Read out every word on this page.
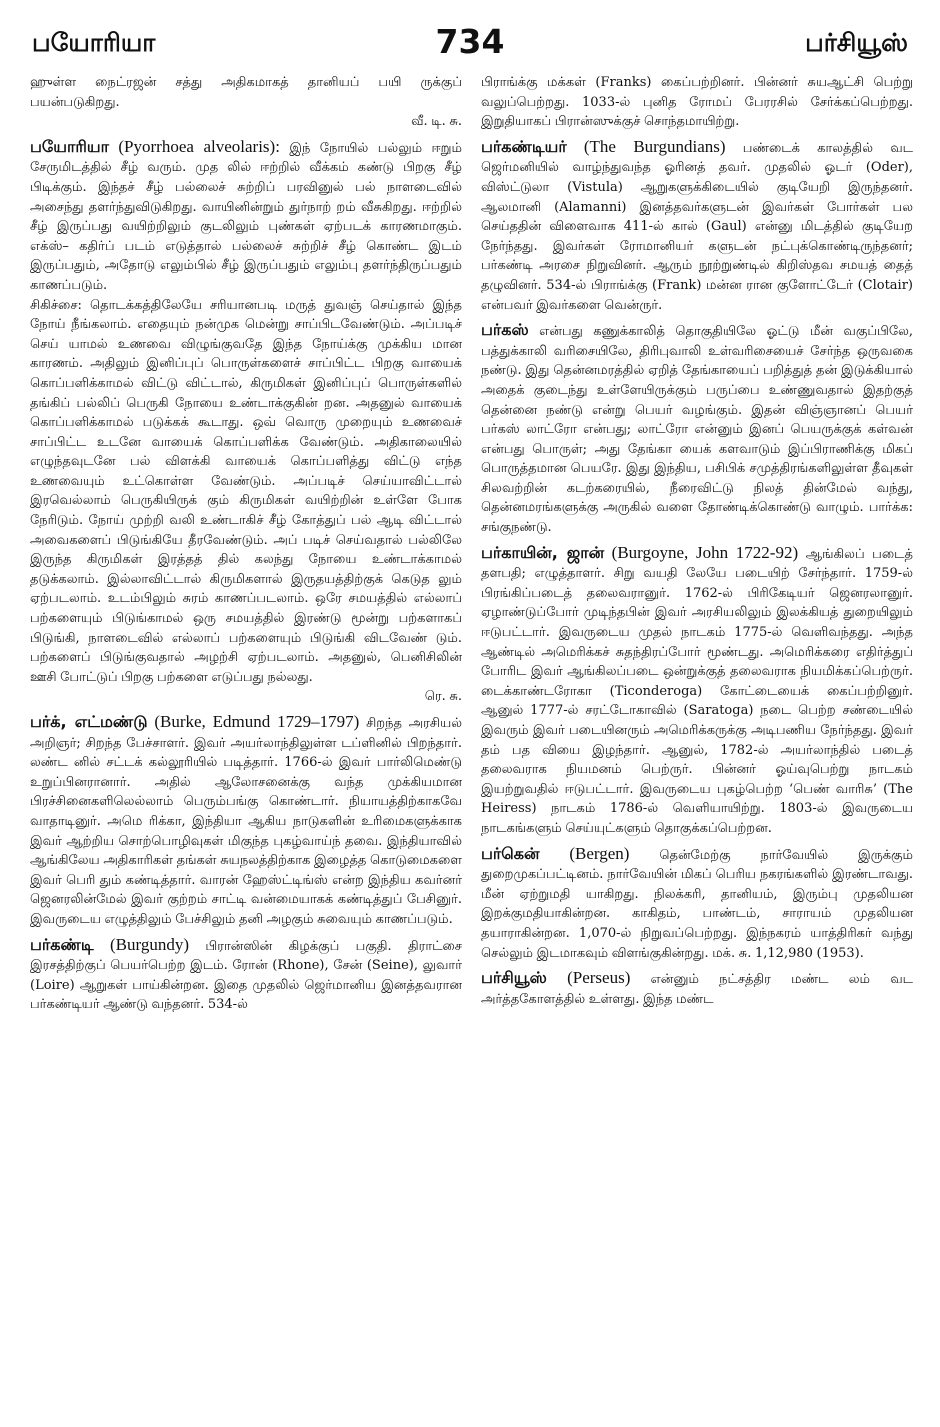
பயோரியா	734	பர்சியூஸ்

ஹுள்ள நைட்ரஜன் சத்து அதிகமாகத் தானியப் பயி ருக்குப் பயன்படுகிறது.
வீ. டி. சு.

பயோரியா (Pyorrhoea alveolaris): இந் நோயில் பல்லும் ஈறும் சேருமிடத்தில் சீழ் வரும். முத லில் ஈற்றில் வீக்கம் கண்டு பிறகு சீழ் பிடிக்கும். இந்தச் சீழ் பல்லைச் சுற்றிப் பரவினுல் பல் நாளடைவில் அசைந்து தளர்ந்துவிடுகிறது. வாயினின்றும் துர்நாற் றம் வீசுகிறது. ஈற்றில் சீழ் இருப்பது வயிற்றிலும் குடலிலும் புண்கள் ஏற்படக் காரணமாகும். எக்ஸ்– கதிர்ப் படம் எடுத்தால் பல்லைச் சுற்றிச் சீழ் கொண்ட இடம் இருப்பதும், அதோடு எலும்பில் சீழ் இருப்பதும் எலும்பு தளர்ந்திருப்பதும் காணப்படும்.

சிகிச்சை: தொடக்கத்திலேயே சரியானபடி மருத் துவஞ் செய்தால் இந்த நோய் நீங்கலாம். எதையும் நன்முக மென்று சாப்பிடவேண்டும். அப்படிச் செய் யாமல் உணவை விழுங்குவதே இந்த நோய்க்கு முக்கிய மான காரணம். அதிலும் இனிப்புப் பொருள்களைச் சாப்பிட்ட பிறகு வாயைக் கொப்பளிக்காமல் விட்டு விட்டால், கிருமிகள் இனிப்புப் பொருள்களில் தங்கிப் பல்லிப் பெருகி நோயை உண்டாக்குகின் றன. அதனுல் வாயைக் கொப்பளிக்காமல் படுக்கக் கூடாது. ஒவ் வொரு முறையும் உணவைச் சாப்பிட்ட உடனே வாயைக் கொப்பளிக்க வேண்டும். அதிகாலையில் எழுந்தவுடனே பல் விளக்கி வாயைக் கொப்பளித்து விட்டு எந்த உணவையும் உட்கொள்ள வேண்டும். அப்படிச் செய்யாவிட்டால் இரவெல்லாம் பெருகியிருக் கும் கிருமிகள் வயிற்றின் உள்ளே போக நேரிடும். நோய் முற்றி வலி உண்டாகிச் சீழ் கோத்துப் பல் ஆடி விட்டால் அவைகளைப் பிடுங்கியே தீரவேண்டும். அப் படிச் செய்வதால் பல்லிலே இருந்த கிருமிகள் இரத்தத் தில் கலந்து நோயை உண்டாக்காமல் தடுக்கலாம். இல்லாவிட்டால் கிருமிகளால் இருதயத்திற்குக் கெடுத லும் ஏற்படலாம். உடம்பிலும் சுரம் காணப்படலாம். ஒரே சமயத்தில் எல்லாப் பற்களையும் பிடுங்காமல் ஒரு சமயத்தில் இரண்டு மூன்று பற்களாகப் பிடுங்கி, நாளடைவில் எல்லாப் பற்களையும் பிடுங்கி விடவேண் டும். பற்களைப் பிடுங்குவதால் அழற்சி ஏற்படலாம். அதனுல், பெனிசிலின் ஊசி போட்டுப் பிறகு பற்களை எடுப்பது நல்லது.
ரெ. சு.

பர்க், எட்மண்டு (Burke, Edmund 1729–1797) சிறந்த அரசியல் அறிஞர்; சிறந்த பேச்சாளர். இவர் அயர்லாந்திலுள்ள டப்ளினில் பிறந்தார். லண்ட னில் சட்டக் கல்லூரியில் படித்தார். 1766-ல் இவர் பார்லிமெண்டு உறுப்பினரானார். அதில் ஆலோசனைக்கு வந்த முக்கியமான பிரச்சினைகளிலெல்லாம் பெரும்பங்கு கொண்டார். நியாயத்திற்காகவே வாதாடினுர். அமெ ரிக்கா, இந்தியா ஆகிய நாடுகளின் உரிமைகளுக்காக இவர் ஆற்றிய சொற்பொழிவுகள் மிகுந்த புகழ்வாய்ந் தவை. இந்தியாவில் ஆங்கிலேய அதிகாரிகள் தங்கள் சுயநலத்திற்காக இழைத்த கொடுமைகளை இவர் பெரி தும் கண்டித்தார். வாரன் ஹேஸ்ட்டிங்ஸ் என்ற இந்திய கவர்னர் ஜெனரலின்மேல் இவர் குற்றம் சாட்டி வன்மையாகக் கண்டித்துப் பேசினுர். இவருடைய எழுத்திலும் பேச்சிலும் தனி அழகும் சுவையும் காணப்படும்.

பர்கண்டி (Burgundy) பிரான்ஸின் கிழக்குப் பகுதி. திராட்சை இரசத்திற்குப் பெயர்பெற்ற இடம். ரோன் (Rhone), சேன் (Seine), லுவார் (Loire) ஆறுகள் பாய்கின்றன. இதை முதலில் ஜெர்மானிய இனத்தவரான பர்கண்டியர் ஆண்டு வந்தனர். 534-ல்

பிராங்க்கு மக்கள் (Franks) கைப்பற்றினர். பின்னர் சுயஆட்சி பெற்று வலுப்பெற்றது. 1033-ல் புனித ரோமப் பேரரசில் சேர்க்கப்பெற்றது. இறுதியாகப் பிரான்ஸுக்குச் சொந்தமாயிற்று.

பர்கண்டியர் (The Burgundians) பண்டைக் காலத்தில் வட ஜெர்மனியில் வாழ்ந்துவந்த ஓரினத் தவர். முதலில் ஓடர் (Oder), விஸ்ட்டுலா (Vistula) ஆறுகளுக்கிடையில் குடியேறி இருந்தனர். ஆலமானி (Alamanni) இனத்தவர்களுடன் இவர்கள் போர்கள் பல செய்ததின் விளைவாக 411-ல் கால் (Gaul) என்னு மிடத்தில் குடியேற நேர்ந்தது. இவர்கள் ரோமானியர் களுடன் நட்புக்கொண்டிருந்தனர்; பர்கண்டி அரசை நிறுவினர். ஆரும் நூற்றுண்டில் கிறிஸ்தவ சமயத் தைத் தழுவினர். 534-ல் பிராங்க்கு (Frank) மன்ன ரான குளோட்டேர் (Clotair) என்பவர் இவர்களை வென்ருர்.

பர்கஸ் என்பது கணுக்காலித் தொகுதியிலே ஓட்டு மீன் வகுப்பிலே, பத்துக்காலி வரிசையிலே, திரிபுவாலி உள்வரிசையைச் சேர்ந்த ஒருவகை நண்டு. இது தென்னமரத்தில் ஏறித் தேங்காயைப் பறித்துத் தன் இடுக்கியால் அதைக் குடைந்து உள்ளேயிருக்கும் பருப்பை உண்ணுவதால் இதற்குத் தென்னை நண்டு என்று பெயர் வழங்கும். இதன் விஞ்ஞானப் பெயர் பர்கஸ் லாட்ரோ என்பது; லாட்ரோ என்னும் இனப் பெயருக்குக் கள்வன் என்பது பொருள்; அது தேங்கா யைக் களவாடும் இப்பிராணிக்கு மிகப் பொருத்தமான பெயரே. இது இந்திய, பசிபிக் சமுத்திரங்களிலுள்ள தீவுகள் சிலவற்றின் கடற்கரையில், நீரைவிட்டு நிலத் தின்மேல் வந்து, தென்னமரங்களுக்கு அருகில் வளை தோண்டிக்கொண்டு வாழும். பார்க்க: சங்குநண்டு.

பர்காயின், ஜான் (Burgoyne, John 1722-92) ஆங்கிலப் படைத் தளபதி; எழுத்தாளர். சிறு வயதி லேயே படையிற் சேர்ந்தார். 1759-ல் பிரங்கிப்படைத் தலைவரானுர். 1762-ல் பிரிகேடியர் ஜெனரலானுர். ஏழாண்டுப்போர் முடிந்தபின் இவர் அரசியலிலும் இலக்கியத் துறையிலும் ஈடுபட்டார். இவருடைய முதல் நாடகம் 1775-ல் வெளிவந்தது. அந்த ஆண்டில் அமெரிக்கச் சுதந்திரப்போர் மூண்டது. அமெரிக்கரை எதிர்த்துப் போரிட இவர் ஆங்கிலப்படை ஒன்றுக்குத் தலைவராக நியமிக்கப்பெற்ருர். டைக்காண்டரோகா (Ticonderoga) கோட்டையைக் கைப்பற்றினுர். ஆனுல் 1777-ல் சரட்டோகாவில் (Saratoga) நடை பெற்ற சண்டையில் இவரும் இவர் படையினரும் அமெரிக்கருக்கு அடிபணிய நேர்ந்தது. இவர் தம் பத வியை இழந்தார். ஆனுல், 1782-ல் அயர்லாந்தில் படைத் தலைவராக நியமனம் பெற்ருர். பின்னர் ஓய்வுபெற்று நாடகம் இயற்றுவதில் ஈடுபட்டார். இவருடைய புகழ்பெற்ற ‘பெண் வாரிசு’ (The Heiress) நாடகம் 1786-ல் வெளியாயிற்று. 1803-ல் இவருடைய நாடகங்களும் செய்யுட்களும் தொகுக்கப்பெற்றன.

பர்கென் (Bergen) தென்மேற்கு நார்வேயில் இருக்கும் துறைமுகப்பட்டினம். நார்வேயின் மிகப் பெரிய நகரங்களில் இரண்டாவது. மீன் ஏற்றுமதி யாகிறது. நிலக்கரி, தானியம், இரும்பு முதலியன இறக்குமதியாகின்றன. காகிதம், பாண்டம், சாராயம் முதலியன தயாராகின்றன. 1,070-ல் நிறுவப்பெற்றது. இந்நகரம் யாத்திரிகர் வந்து செல்லும் இடமாகவும் விளங்குகின்றது. மக். சு. 1,12,980 (1953).

பர்சியூஸ் (Perseus) என்னும் நட்சத்திர மண்ட லம் வட அர்த்தகோளத்தில் உள்ளது. இந்த மண்ட
